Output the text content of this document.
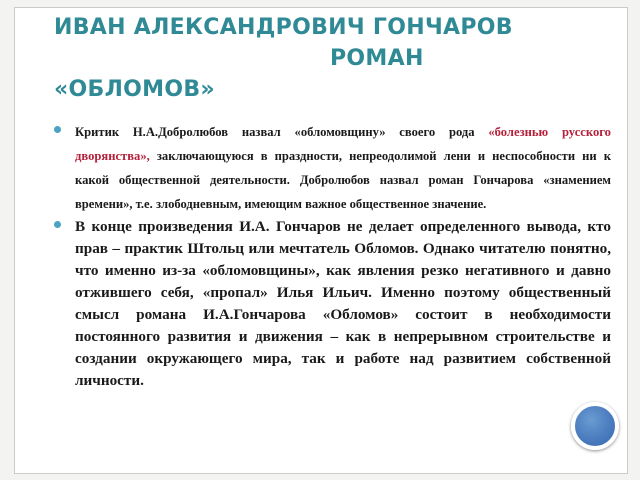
ИВАН АЛЕКСАНДРОВИЧ ГОНЧАРОВ
РОМАН
«ОБЛОМОВ»
Критик Н.А.Добролюбов назвал «обломовщину» своего рода «болезнью русского дворянства», заключающуюся в праздности, непреодолимой лени и неспособности ни к какой общественной деятельности. Добролюбов назвал роман Гончарова «знамением времени», т.е. злободневным, имеющим важное общественное значение.
В конце произведения И.А. Гончаров не делает определенного вывода, кто прав – практик Штольц или мечтатель Обломов. Однако читателю понятно, что именно из-за «обломовщины», как явления резко негативного и давно отжившего себя, «пропал» Илья Ильич. Именно поэтому общественный смысл романа И.А.Гончарова «Обломов» состоит в необходимости постоянного развития и движения – как в непрерывном строительстве и создании окружающего мира, так и работе над развитием собственной личности.
